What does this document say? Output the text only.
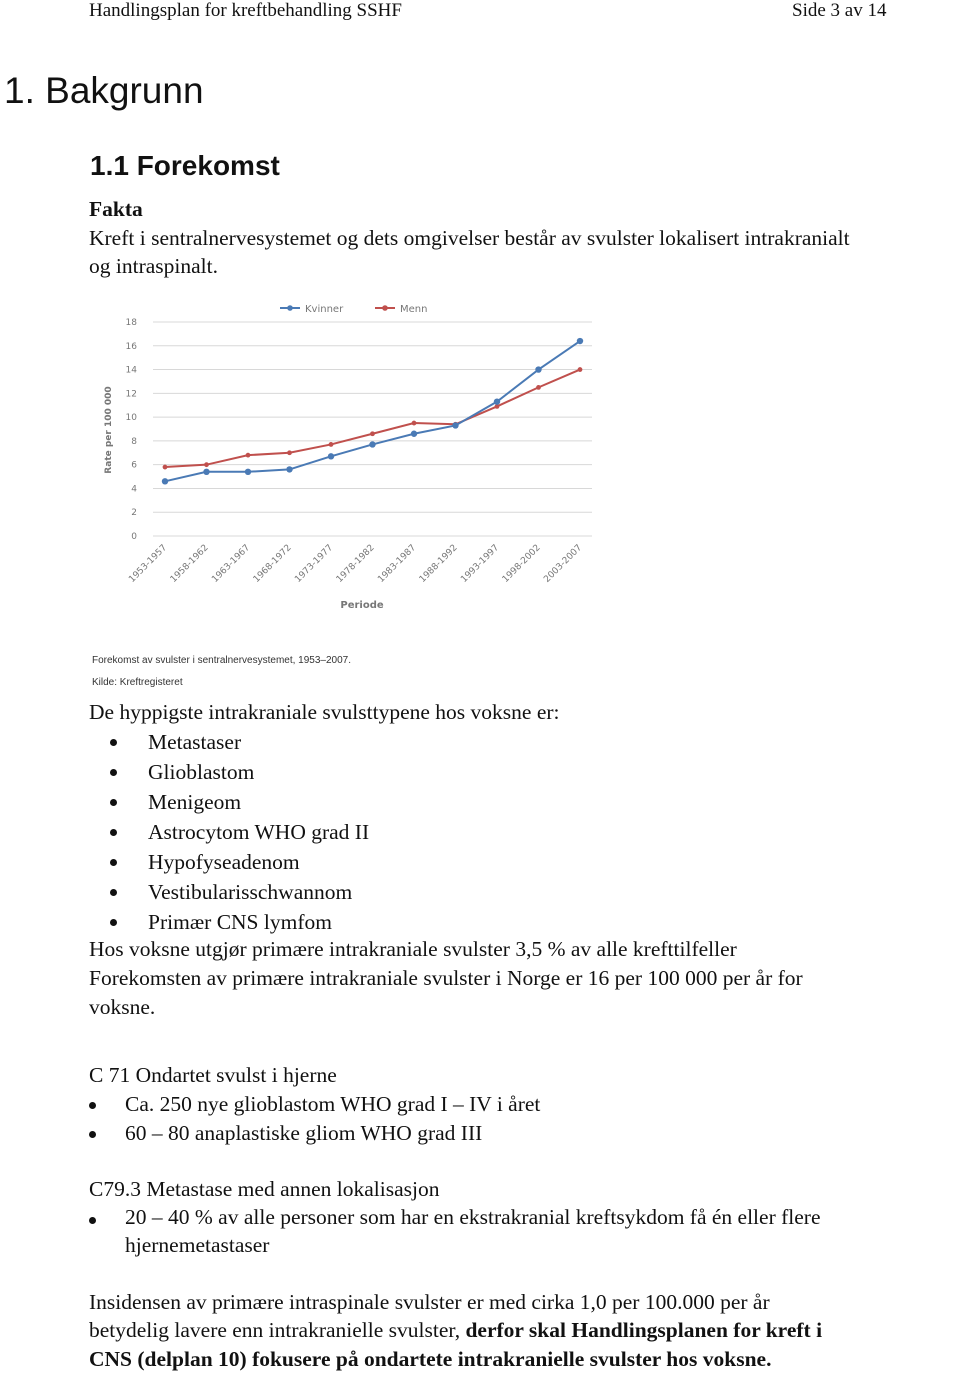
Handlingsplan for kreftbehandling SSHF	Side 3 av 14
1. Bakgrunn
1.1 Forekomst
Fakta
Kreft i sentralnervesystemet og dets omgivelser består av svulster lokalisert intrakranialt
og intraspinalt.
Kvinner	Menn
0
2
4
6
8
10
12
14
16
18
1953-1957 1958-1962 1963-1967 1968-1972 1973-1977 1978-1982 1983-1987 1988-1992 1993-1997 1998-2002 2003-2007
Rate per 100 000
Periode
Forekomst av svulster i sentralnervesystemet, 1953–2007.
Kilde: Kreftregisteret
De hyppigste intrakraniale svulsttypene hos voksne er:
Metastaser
Glioblastom
Menigeom
Astrocytom WHO grad II
Hypofyseadenom
Vestibularisschwannom
Primær CNS lymfom
Hos voksne utgjør primære intrakraniale svulster 3,5 % av alle krefttilfeller
Forekomsten av primære intrakraniale svulster i Norge er 16 per 100 000 per år for
voksne.
C 71 Ondartet svulst i hjerne
Ca. 250 nye glioblastom WHO grad I – IV i året
60 – 80 anaplastiske gliom WHO grad III
C79.3 Metastase med annen lokalisasjon
20 – 40 % av alle personer som har en ekstrakranial kreftsykdom få én eller flere
hjernemetastaser
Insidensen av primære intraspinale svulster er med cirka 1,0 per 100.000 per år
betydelig lavere enn intrakranielle svulster, derfor skal Handlingsplanen for kreft i
CNS (delplan 10) fokusere på ondartete intrakranielle svulster hos voksne.
